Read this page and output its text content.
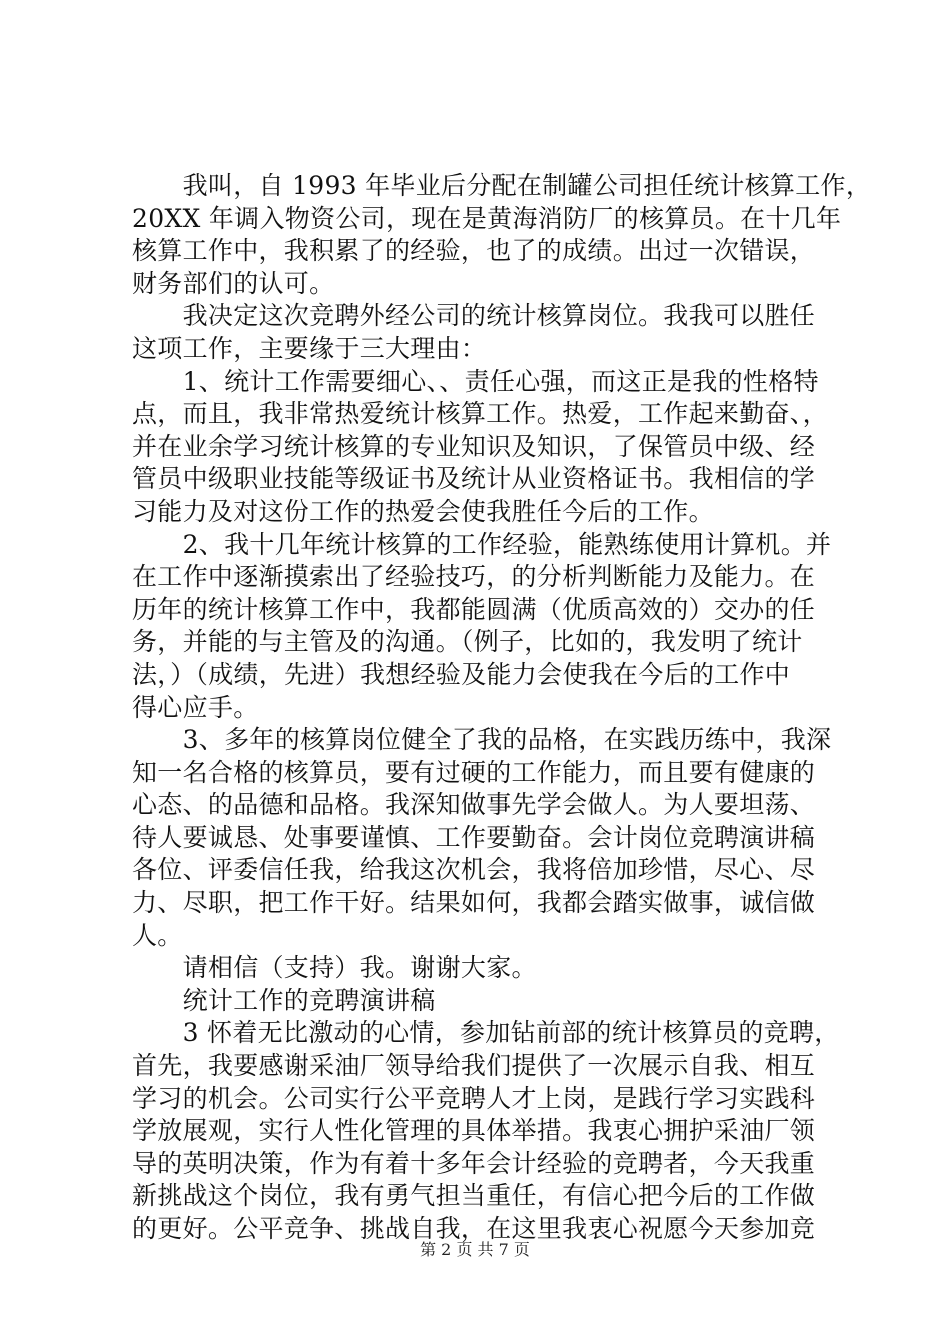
　　我叫，自 1993 年毕业后分配在制罐公司担任统计核算工作，
20XX 年调入物资公司，现在是黄海消防厂的核算员。在十几年
核算工作中，我积累了的经验，也了的成绩。出过一次错误，
财务部们的认可。
　　我决定这次竞聘外经公司的统计核算岗位。我我可以胜任
这项工作，主要缘于三大理由：
　　1、统计工作需要细心、、责任心强，而这正是我的性格特
点，而且，我非常热爱统计核算工作。热爱，工作起来勤奋、，
并在业余学习统计核算的专业知识及知识，了保管员中级、经
管员中级职业技能等级证书及统计从业资格证书。我相信的学
习能力及对这份工作的热爱会使我胜任今后的工作。
　　2、我十几年统计核算的工作经验，能熟练使用计算机。并
在工作中逐渐摸索出了经验技巧，的分析判断能力及能力。在
历年的统计核算工作中，我都能圆满（优质高效的）交办的任
务，并能的与主管及的沟通。（例子，比如的，我发明了统计
法，）（成绩，先进）我想经验及能力会使我在今后的工作中
得心应手。
　　3、多年的核算岗位健全了我的品格，在实践历练中，我深
知一名合格的核算员，要有过硬的工作能力，而且要有健康的
心态、的品德和品格。我深知做事先学会做人。为人要坦荡、
待人要诚恳、处事要谨慎、工作要勤奋。会计岗位竞聘演讲稿
各位、评委信任我，给我这次机会，我将倍加珍惜，尽心、尽
力、尽职，把工作干好。结果如何，我都会踏实做事，诚信做
人。
　　请相信（支持）我。谢谢大家。
　　统计工作的竞聘演讲稿
　　3 怀着无比激动的心情，参加钻前部的统计核算员的竞聘，
首先，我要感谢采油厂领导给我们提供了一次展示自我、相互
学习的机会。公司实行公平竞聘人才上岗，是践行学习实践科
学放展观，实行人性化管理的具体举措。我衷心拥护采油厂领
导的英明决策，作为有着十多年会计经验的竞聘者，今天我重
新挑战这个岗位，我有勇气担当重任，有信心把今后的工作做
的更好。公平竞争、挑战自我，在这里我衷心祝愿今天参加竞
第 2 页 共 7 页
